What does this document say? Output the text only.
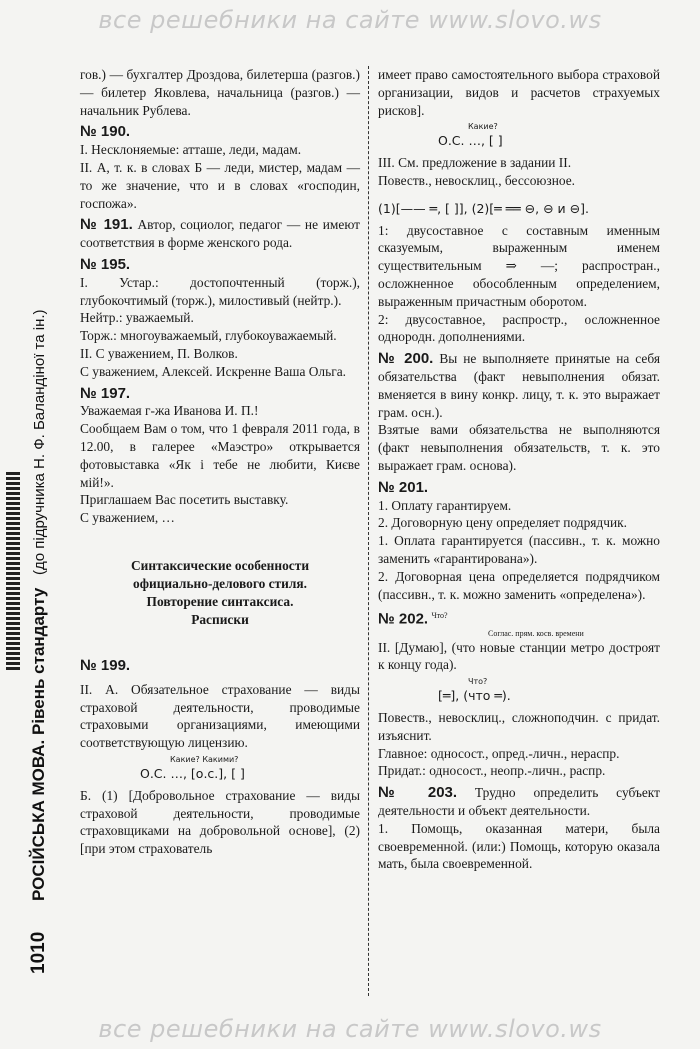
все решебники на сайте www.slovo.ws
1010 РОСІЙСЬКА МОВА. Рівень стандарту (до підручника Н. Ф. Баландіної та ін.)

гов.) — бухгалтер Дроздова, билетерша (разгов.) — билетер Яковлева, начальница (разгов.) — начальник Рублева.

№ 190.

I. Несклоняемые: атташе, леди, мадам.

II. А, т. к. в словах Б — леди, мистер, мадам — то же значение, что и в словах «господин, госпожа».

№ 191. Автор, социолог, педагог — не имеют соответствия в форме женского рода.

№ 195.

I. Устар.: достопочтенный (торж.), глубокочтимый (торж.), милостивый (нейтр.).

Нейтр.: уважаемый.

Торж.: многоуважаемый, глубокоуважаемый.

II. С уважением, П. Волков.

С уважением, Алексей. Искренне Ваша Ольга.

№ 197.

Уважаемая г-жа Иванова И. П.!

Сообщаем Вам о том, что 1 февраля 2011 года, в 12.00, в галерее «Маэстро» открывается фотовыставка «Як і тебе не любити, Києве мій!».

Приглашаем Вас посетить выставку.

С уважением, …

Синтаксические особенности
официально-делового стиля.
Повторение синтаксиса.
Расписки
№ 199.

II. А. Обязательное страхование — виды страховой деятельности, проводимые страховыми организациями, имеющими соответствующую лицензию.

Какие? Какими?
О.С. …, [о.с.], [ ]

Б. (1) [Добровольное страхование — виды страховой деятельности, проводимые страховщиками на добровольной основе], (2) [при этом страхователь

имеет право самостоятельного выбора страховой организации, видов и расчетов страхуемых рисков].

Какие?
О.С. …, [ ]

III. См. предложение в задании II.

Повеств., невосклиц., бессоюзное.

(1)[—— ═, [ ]], (2)[═ ══ ⊖, ⊖ и ⊖].

1: двусоставное с составным именным сказуемым, выраженным именем существительным ⇒ —; распростран., осложненное обособленным определением, выраженным причастным оборотом.

2: двусоставное, распростр., осложненное однородн. дополнениями.

№ 200. Вы не выполняете принятые на себя обязательства (факт невыполнения обязат. вменяется в вину конкр. лицу, т. к. это выражает грам. осн.).

Взятые вами обязательства не выполняются (факт невыполнения обязательств, т. к. это выражает грам. основа).

№ 201.

1. Оплату гарантируем.

2. Договорную цену определяет подрядчик.

1. Оплата гарантируется (пассивн., т. к. можно заменить «гарантирована»).

2. Договорная цена определяется подрядчиком (пассивн., т. к. можно заменить «определена»).

№ 202. $^{Что?}$

Соглас. прям. косв. времени

II. [Думаю], (что новые станции метро достроят к концу года).

Что?
[═], (что ═).

Повеств., невосклиц., сложноподчин. с придат. изъяснит.

Главное: односост., опред.-личн., нераспр.

Придат.: односост., неопр.-личн., распр.

№ 203. Трудно определить субъект деятельности и объект деятельности.

1. Помощь, оказанная матери, была своевременной. (или:) Помощь, которую оказала мать, была своевременной.

все решебники на сайте www.slovo.ws
